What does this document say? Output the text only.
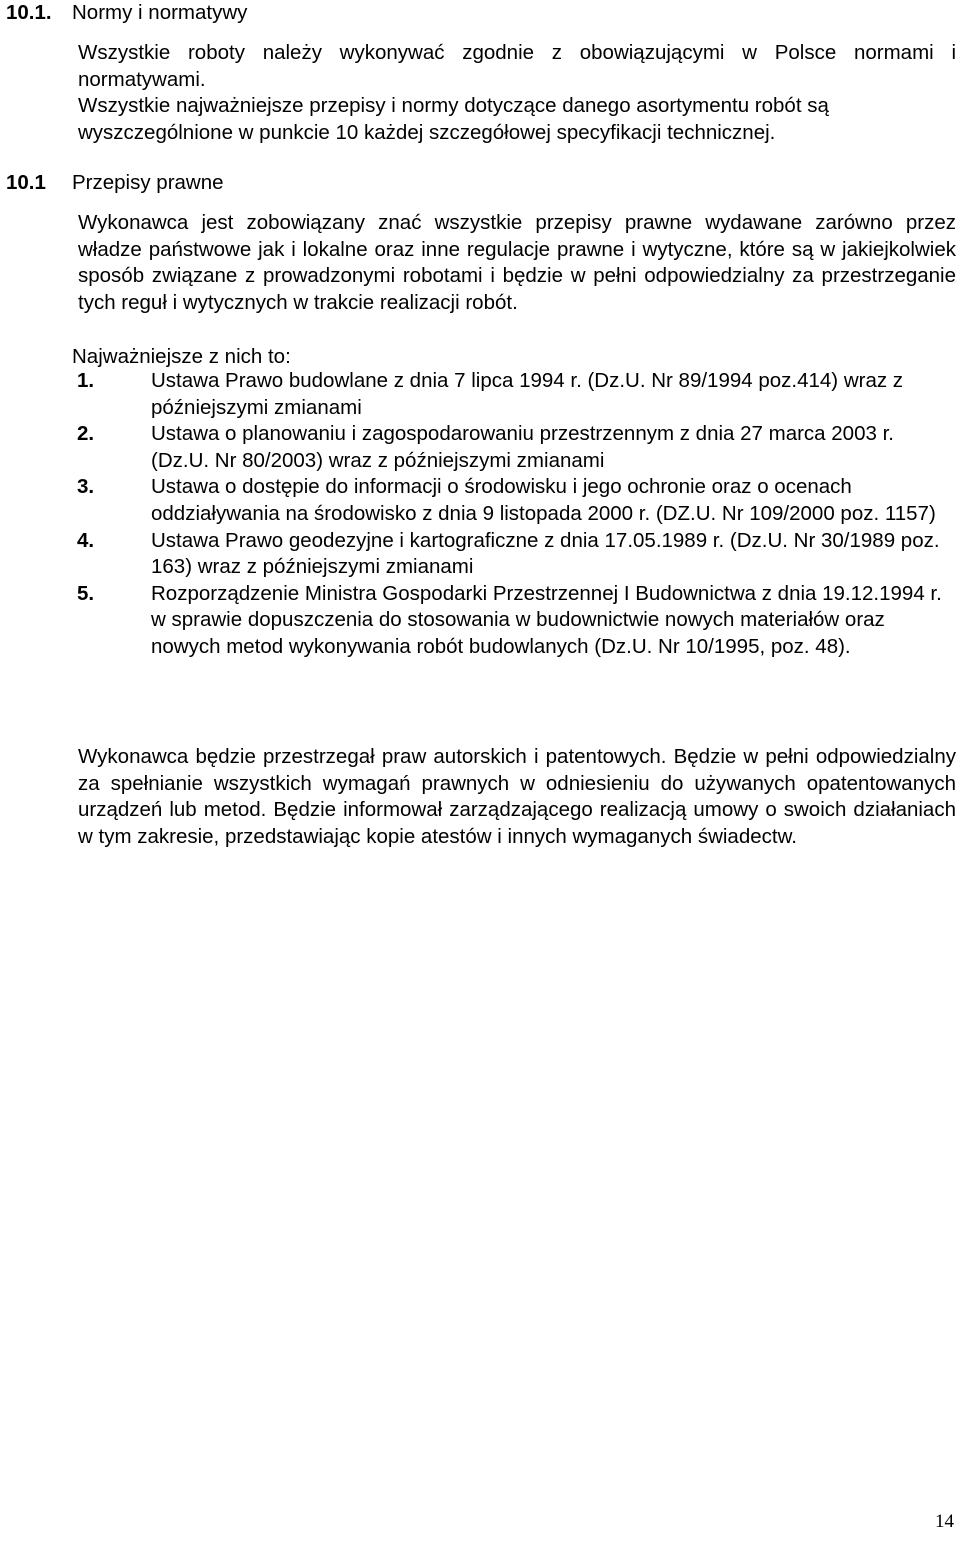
10.1. Normy i normatywy

Wszystkie roboty należy wykonywać zgodnie z obowiązującymi w Polsce normami i normatywami.

Wszystkie najważniejsze przepisy i normy dotyczące danego asortymentu robót są wyszczególnione w punkcie 10 każdej szczegółowej specyfikacji technicznej.

10.1 Przepisy prawne

Wykonawca jest zobowiązany znać wszystkie przepisy prawne wydawane zarówno przez władze państwowe jak i lokalne oraz inne regulacje prawne i wytyczne, które są w jakiejkolwiek sposób związane z prowadzonymi robotami i będzie w pełni odpowiedzialny za przestrzeganie tych reguł i wytycznych w trakcie realizacji robót.

Najważniejsze z nich to:
1.	Ustawa Prawo budowlane z dnia 7 lipca 1994 r. (Dz.U. Nr 89/1994 poz.414) wraz z późniejszymi zmianami
2.	Ustawa o planowaniu i zagospodarowaniu przestrzennym z dnia 27 marca 2003 r. (Dz.U. Nr 80/2003) wraz z późniejszymi zmianami
3.	Ustawa o dostępie do informacji o środowisku i jego ochronie oraz o ocenach oddziaływania na środowisko z dnia 9 listopada 2000 r. (DZ.U. Nr 109/2000 poz. 1157)
4.	Ustawa Prawo geodezyjne i kartograficzne z dnia 17.05.1989 r. (Dz.U. Nr 30/1989 poz. 163) wraz z późniejszymi zmianami
5.	Rozporządzenie Ministra Gospodarki Przestrzennej I Budownictwa z dnia 19.12.1994 r. w sprawie dopuszczenia do stosowania w budownictwie nowych materiałów oraz nowych metod wykonywania robót budowlanych (Dz.U. Nr 10/1995, poz. 48).

Wykonawca będzie przestrzegał praw autorskich i patentowych. Będzie w pełni odpowiedzialny za spełnianie wszystkich wymagań prawnych w odniesieniu do używanych opatentowanych urządzeń lub metod. Będzie informował zarządzającego realizacją umowy o swoich działaniach w tym zakresie, przedstawiając kopie atestów i innych wymaganych świadectw.

14
